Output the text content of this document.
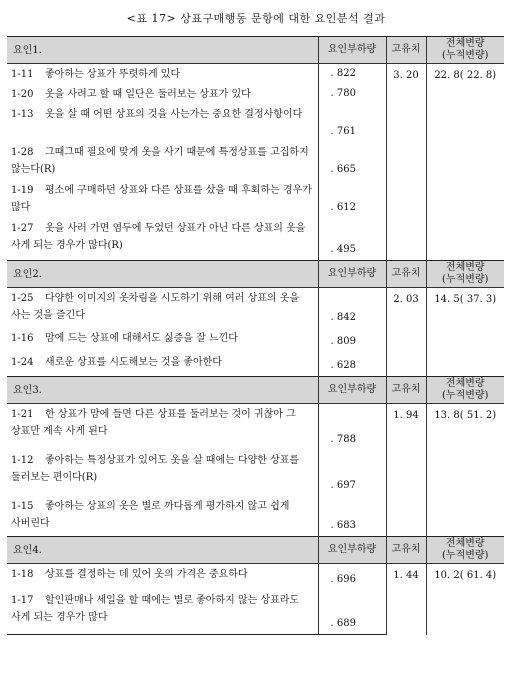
<표 17> 상표구매행동 문항에 대한 요인분석 결과
요인1.	요인부하량	고유치	전체변량
(누적변량)

1-11 좋아하는 상표가 뚜렷하게 있다	. 822	3. 20	22. 8( 22. 8)
1-20 옷을 사려고 할 때 일단은 둘러보는 상표가 있다	. 780		
1-13 옷을 살 때 어떤 상표의 것을 사는가는 중요한 결정사항이다	. 761		
1-28 그때그때 필요에 맞게 옷을 사기 때문에 특정상표를 고집하지 않는다(R)	. 665		
1-19 평소에 구매하던 상표와 다른 상표를 샀을 때 후회하는 경우가 많다	. 612		
1-27 옷을 사러 가면 염두에 두었던 상표가 아닌 다른 상표의 옷을 사게 되는 경우가 많다(R)	. 495		
요인2.	요인부하량	고유치	전체변량
(누적변량)

1-25 다양한 이미지의 옷차림을 시도하기 위해 여러 상표의 옷을 사는 것을 즐긴다	. 842	2. 03	14. 5( 37. 3)
1-16 맘에 드는 상표에 대해서도 싫증을 잘 느낀다	. 809		
1-24 새로운 상표를 시도해보는 것을 좋아한다	. 628		
요인3.	요인부하량	고유치	전체변량
(누적변량)

1-21 한 상표가 맘에 들면 다른 상표를 둘러보는 것이 귀찮아 그 상표만 계속 사게 된다	. 788	1. 94	13. 8( 51. 2)
1-12 좋아하는 특정상표가 있어도 옷을 살 때에는 다양한 상표를 둘러보는 편이다(R)	. 697		
1-15 좋아하는 상표의 옷은 별로 까다롭게 평가하지 않고 쉽게 사버린다	. 683		
요인4.	요인부하량	고유치	전체변량
(누적변량)

1-18 상표를 결정하는 데 있어 옷의 가격은 중요하다	. 696	1. 44	10. 2( 61. 4)
1-17 할인판매나 세일을 할 때에는 별로 좋아하지 않는 상표라도 사게 되는 경우가 많다	. 689		
